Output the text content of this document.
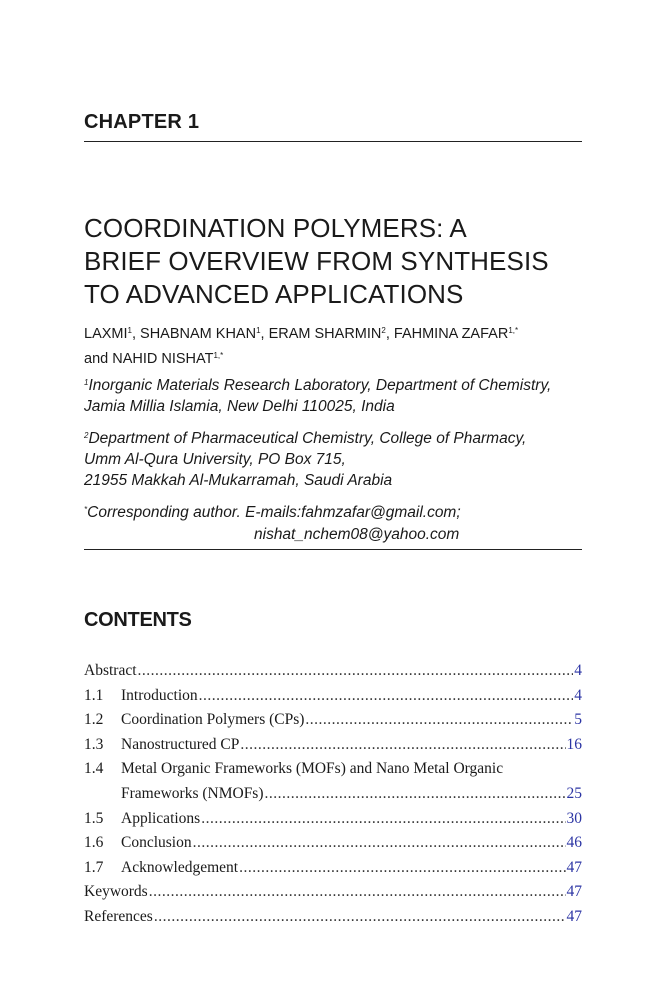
CHAPTER 1
COORDINATION POLYMERS: A
BRIEF OVERVIEW FROM SYNTHESIS
TO ADVANCED APPLICATIONS
LAXMI$^1$, SHABNAM KHAN$^1$, ERAM SHARMIN$^2$, FAHMINA $ZAFAR^{1,*}$
and NAHID $NISHAT^{1,*}$
$^1$Inorganic Materials Research Laboratory, Department of Chemistry,
Jamia Millia Islamia, New Delhi 110025, India
$^2$Department of Pharmaceutical Chemistry, College of Pharmacy,
Umm Al-Qura University, PO Box 715,
21955 Makkah Al-Mukarramah, Saudi Arabia
*Corresponding author. E-mails:fahmzafar@gmail.com;
nishat_nchem08@yahoo.com
CONTENTS
Abstract .....	4
1.1	Introduction .....	4
1.2	Coordination Polymers (CPs) .....	5
1.3	Nanostructured CP .....	16
1.4	Metal Organic Frameworks (MOFs) and Nano Metal Organic
Frameworks (NMOFs) .....	25
1.5	Applications .....	30
1.6	Conclusion .....	46
1.7	Acknowledgement .....	47
Keywords .....	47
References .....	47
